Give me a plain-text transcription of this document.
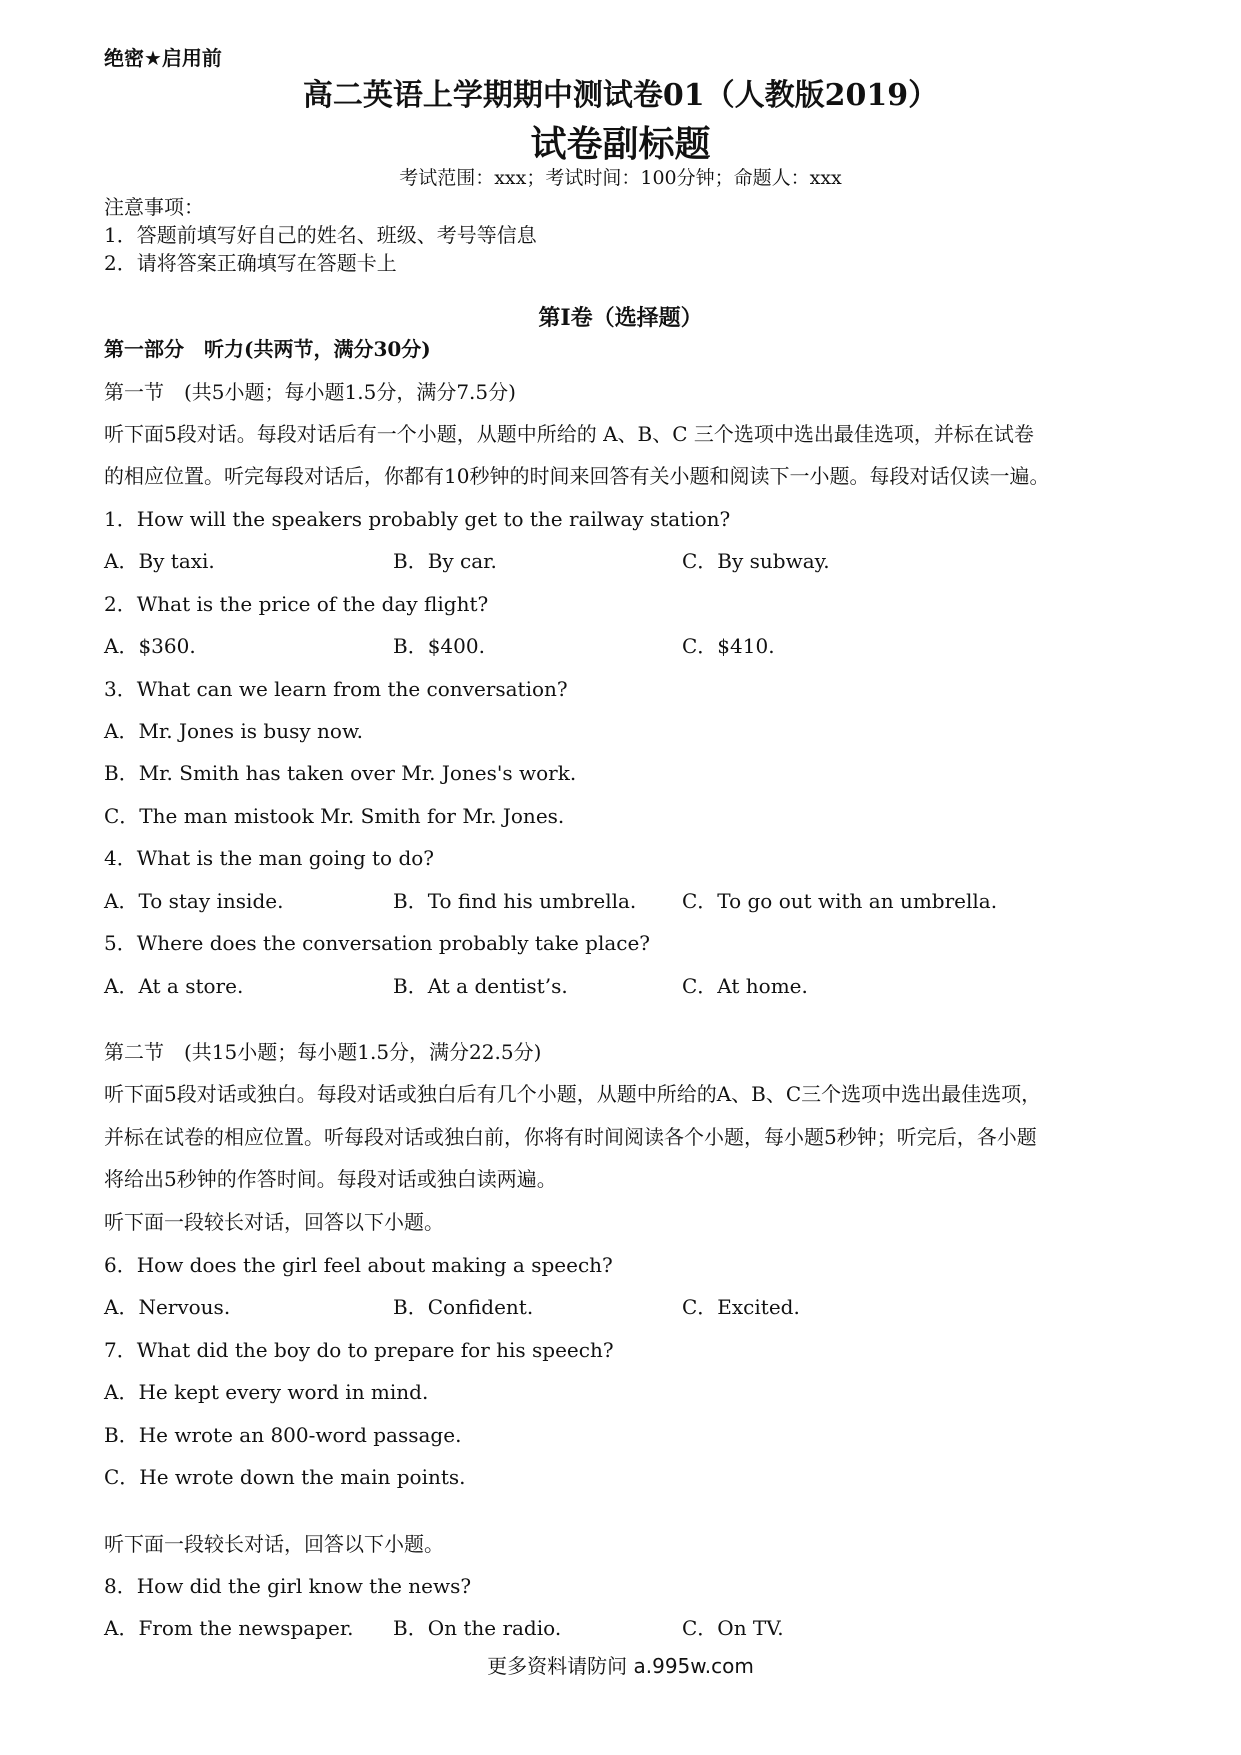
绝密★启用前
高二英语上学期期中测试卷01（人教版2019）
试卷副标题
考试范围：xxx；考试时间：100分钟；命题人：xxx
注意事项：
1．答题前填写好自己的姓名、班级、考号等信息
2．请将答案正确填写在答题卡上
第I卷（选择题）
第一部分　听力(共两节，满分30分)
第一节　(共5小题；每小题1.5分，满分7.5分)
听下面5段对话。每段对话后有一个小题，从题中所给的 A、B、C 三个选项中选出最佳选项，并标在试卷
的相应位置。听完每段对话后，你都有10秒钟的时间来回答有关小题和阅读下一小题。每段对话仅读一遍。
1．How will the speakers probably get to the railway station?
A．By taxi.	B．By car.	C．By subway.
2．What is the price of the day flight?
A．$360.	B．$400.	C．$410.
3．What can we learn from the conversation?
A．Mr. Jones is busy now.
B．Mr. Smith has taken over Mr. Jones's work.
C．The man mistook Mr. Smith for Mr. Jones.
4．What is the man going to do?
A．To stay inside.	B．To find his umbrella. C．To go out with an umbrella.
5．Where does the conversation probably take place?
A．At a store.	B．At a dentist’s.	C．At home.
第二节　(共15小题；每小题1.5分，满分22.5分)
听下面5段对话或独白。每段对话或独白后有几个小题，从题中所给的A、B、C三个选项中选出最佳选项，
并标在试卷的相应位置。听每段对话或独白前，你将有时间阅读各个小题，每小题5秒钟；听完后，各小题
将给出5秒钟的作答时间。每段对话或独白读两遍。
听下面一段较长对话，回答以下小题。
6．How does the girl feel about making a speech?
A．Nervous.	B．Confident.	C．Excited.
7．What did the boy do to prepare for his speech?
A．He kept every word in mind.
B．He wrote an 800-word passage.
C．He wrote down the main points.
听下面一段较长对话，回答以下小题。
8．How did the girl know the news?
A．From the newspaper. B．On the radio.	C．On TV.
更多资料请防问 a.995w.com
